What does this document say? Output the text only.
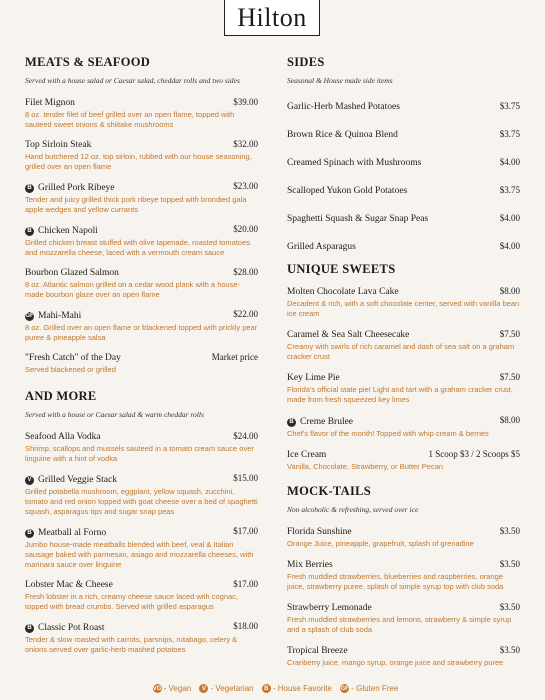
Hilton
MEATS & SEAFOOD

Served with a house salad or Caesar salad, cheddar rolls and two sides

Filet Mignon	$39.00
8 oz. tender filet of beef grilled over an open flame, topped with sauteed sweet onions & shiitake mushrooms
Top Sirloin Steak	$32.00
Hand butchered 12 oz. top sirloin, rubbed with our house seasoning, grilled over an open flame
B Grilled Pork Ribeye	$23.00
Tender and juicy grilled thick pork ribeye topped with brondied gala apple wedges and yellow currants
B Chicken Napoli	$20.00
Grilled chicken breast stuffed with olive tapenade, roasted tomatoes and mozzarella cheese, laced with a vermouth cream sauce
Bourbon Glazed Salmon	$28.00
8 oz. Atlantic salmon grilled on a cedar wood plank with a house-made bourbon glaze over an open flame
GF Mahi-Mahi	$22.00
8 oz. Grilled over an open flame or blackened topped with prickly pear puree & pineapple salsa
"Fresh Catch" of the Day	Market price
Served blackened or grilled
AND MORE

Served with a house or Caesar salad & warm cheddar rolls

Seafood Alla Vodka	$24.00
Shrimp, scallops and mussels sauteed in a tomato cream sauce over linguine with a hint of vodka
V Grilled Veggie Stack	$15.00
Grilled potabella mushroom, eggplant, yellow squash, zucchini, tomato and red onion topped with goat cheese over a bed of spaghetti squash, asparagus tips and sugar snap peas
B Meatball al Forno	$17.00
Jumbo house-made meatballs blended with beef, veal & Italian sausage baked with parmesan, asiago and mozzarella cheeses, with marinara sauce over linguine
Lobster Mac & Cheese	$17.00
Fresh lobster in a rich, creamy cheese sauce laced with cognac, topped with bread crumbs. Served with grilled asparagus
B Classic Pot Roast	$18.00
Tender & slow roasted with carrots, parsnips, rutabago, celery & onions served over garlic-herb mashed potatoes
SIDES

Seasonal & House made side items

Garlic-Herb Mashed Potatoes	$3.75
Brown Rice & Quinoa Blend	$3.75
Creamed Spinach with Mushrooms	$4.00
Scalloped Yukon Gold Potatoes	$3.75
Spaghetti Squash & Sugar Snap Peas	$4.00
Grilled Asparagus	$4.00
UNIQUE SWEETS
Molten Chocolate Lava Cake	$8.00
Decadent & rich, with a soft chocolate center, served with vanilla bean ice cream
Caramel & Sea Salt Cheesecake	$7.50
Creamy with swirls of rich caramel and dash of sea salt on a graham cracker crust
Key Lime Pie	$7.50
Florida's official state pie! Light and tart with a graham cracker crust, made from fresh squeezed key limes
B Creme Brulee	$8.00
Chef's flavor of the month! Topped with whip cream & berries
Ice Cream	1 Scoop $3 / 2 Scoops $5
Vanilla, Chocolate, Strawberry, or Butter Pecan
MOCK-TAILS

Non alcoholic & refreshing, served over ice

Florida Sunshine	$3.50
Orange Juice, pineapple, grapefruit, splash of grenadine
Mix Berries	$3.50
Fresh muddled strawberries, blueberries and raspberries, orange juice, strawberry puree, splash of simple syrup top with club soda
Strawberry Lemonade	$3.50
Fresh muddled strawberries and lemons, strawberry & simple syrup and a splash of club soda
Tropical Breeze	$3.50
Cranberry juice, mango syrup, orange juice and strawberry puree
VG - Vegan V - Vegetarian B - House Favorite GF - Gluten Free
